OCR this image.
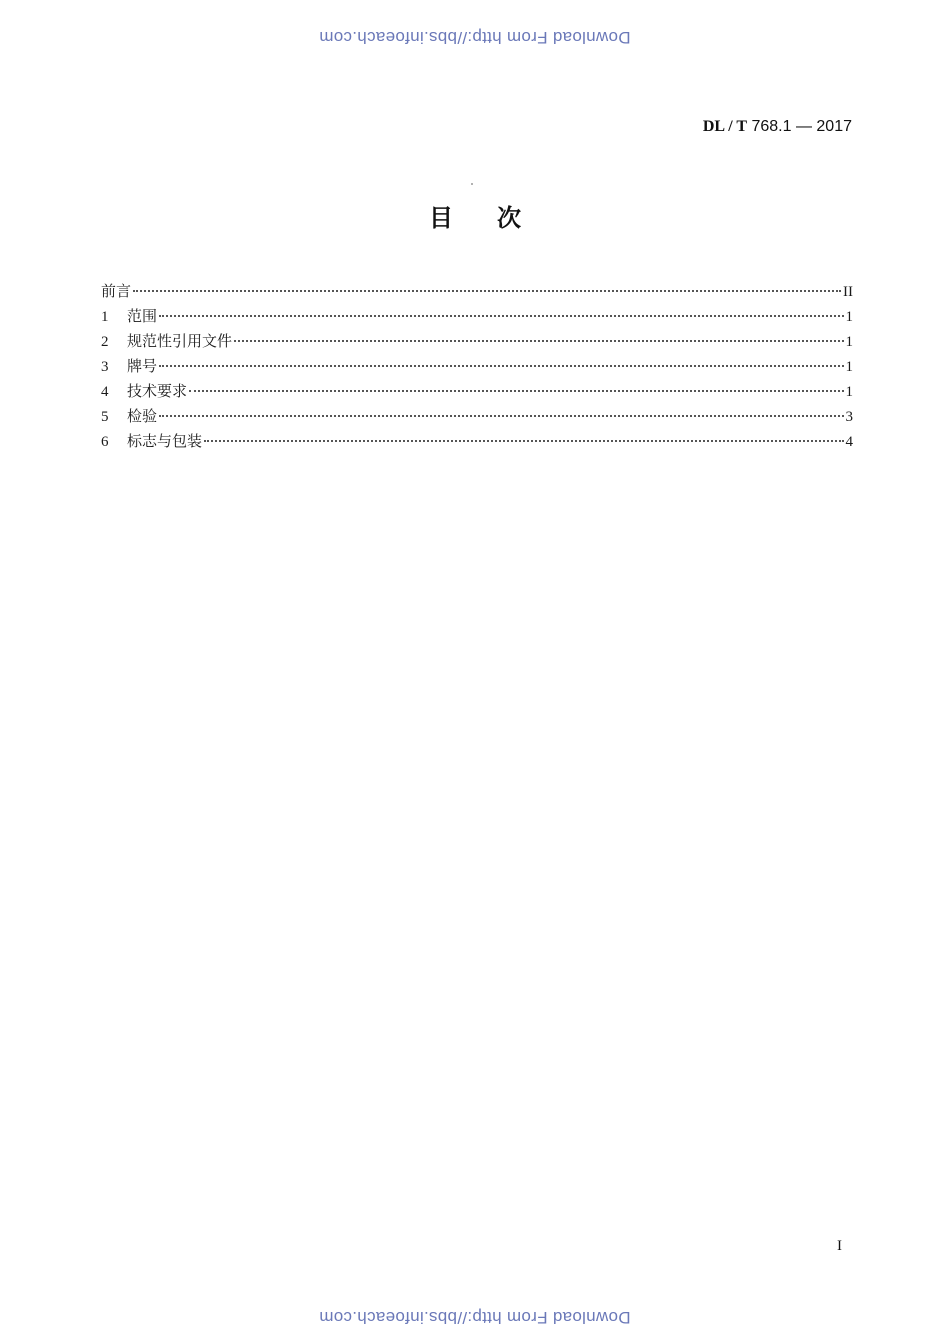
Download From http://bbs.infoeach.com
DL / T 768.1 — 2017
目次
前言	II
1	范围	1
2	规范性引用文件	1
3	牌号	1
4	技术要求	1
5	检验	3
6	标志与包装	4
I
Download From http://bbs.infoeach.com
